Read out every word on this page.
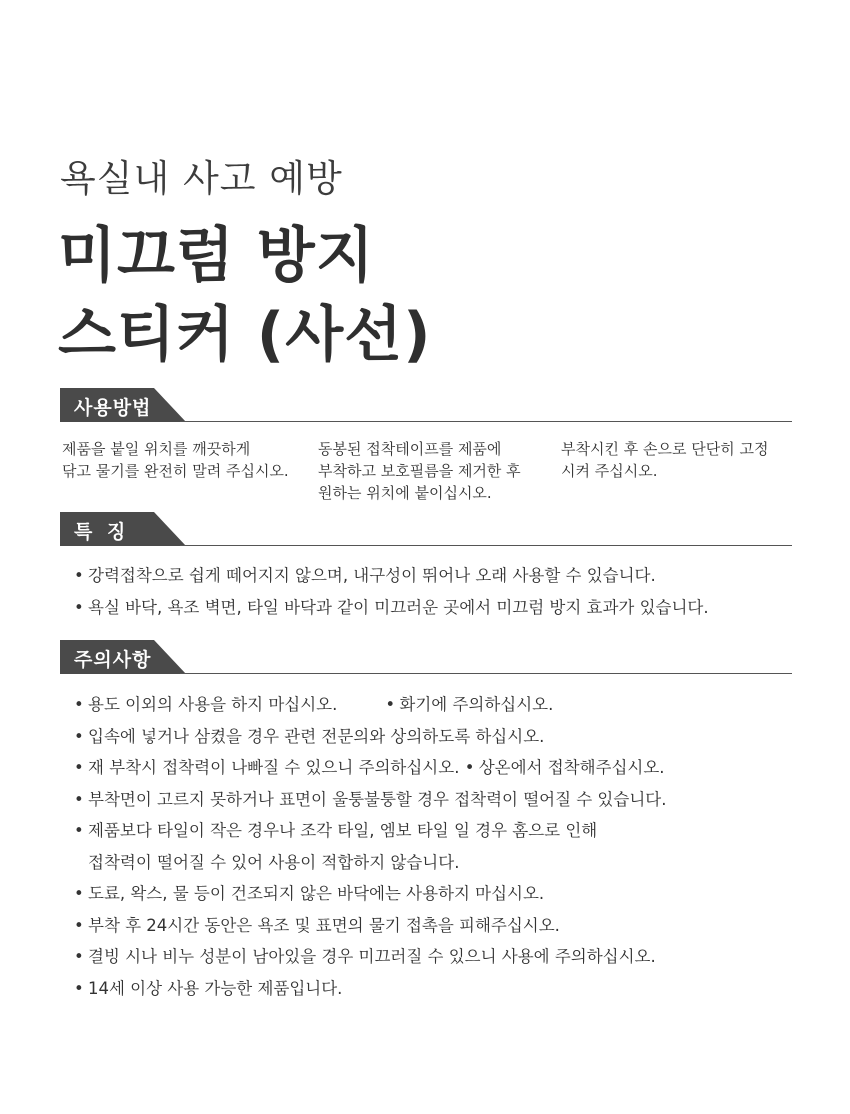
욕실내 사고 예방
미끄럼 방지
스티커 (사선)
사용방법
제품을 붙일 위치를 깨끗하게
닦고 물기를 완전히 말려 주십시오.
동봉된 접착테이프를 제품에
부착하고 보호필름을 제거한 후
원하는 위치에 붙이십시오.
부착시킨 후 손으로 단단히 고정
시켜 주십시오.
특 징
• 강력접착으로 쉽게 떼어지지 않으며, 내구성이 뛰어나 오래 사용할 수 있습니다.
• 욕실 바닥, 욕조 벽면, 타일 바닥과 같이 미끄러운 곳에서 미끄럼 방지 효과가 있습니다.
주의사항
• 용도 이외의 사용을 하지 마십시오.	• 화기에 주의하십시오.
• 입속에 넣거나 삼켰을 경우 관련 전문의와 상의하도록 하십시오.
• 재 부착시 접착력이 나빠질 수 있으니 주의하십시오. • 상온에서 접착해주십시오.
• 부착면이 고르지 못하거나 표면이 울퉁불퉁할 경우 접착력이 떨어질 수 있습니다.
• 제품보다 타일이 작은 경우나 조각 타일, 엠보 타일 일 경우 홈으로 인해
접착력이 떨어질 수 있어 사용이 적합하지 않습니다.
• 도료, 왁스, 물 등이 건조되지 않은 바닥에는 사용하지 마십시오.
• 부착 후 24시간 동안은 욕조 및 표면의 물기 접촉을 피해주십시오.
• 결빙 시나 비누 성분이 남아있을 경우 미끄러질 수 있으니 사용에 주의하십시오.
• 14세 이상 사용 가능한 제품입니다.
